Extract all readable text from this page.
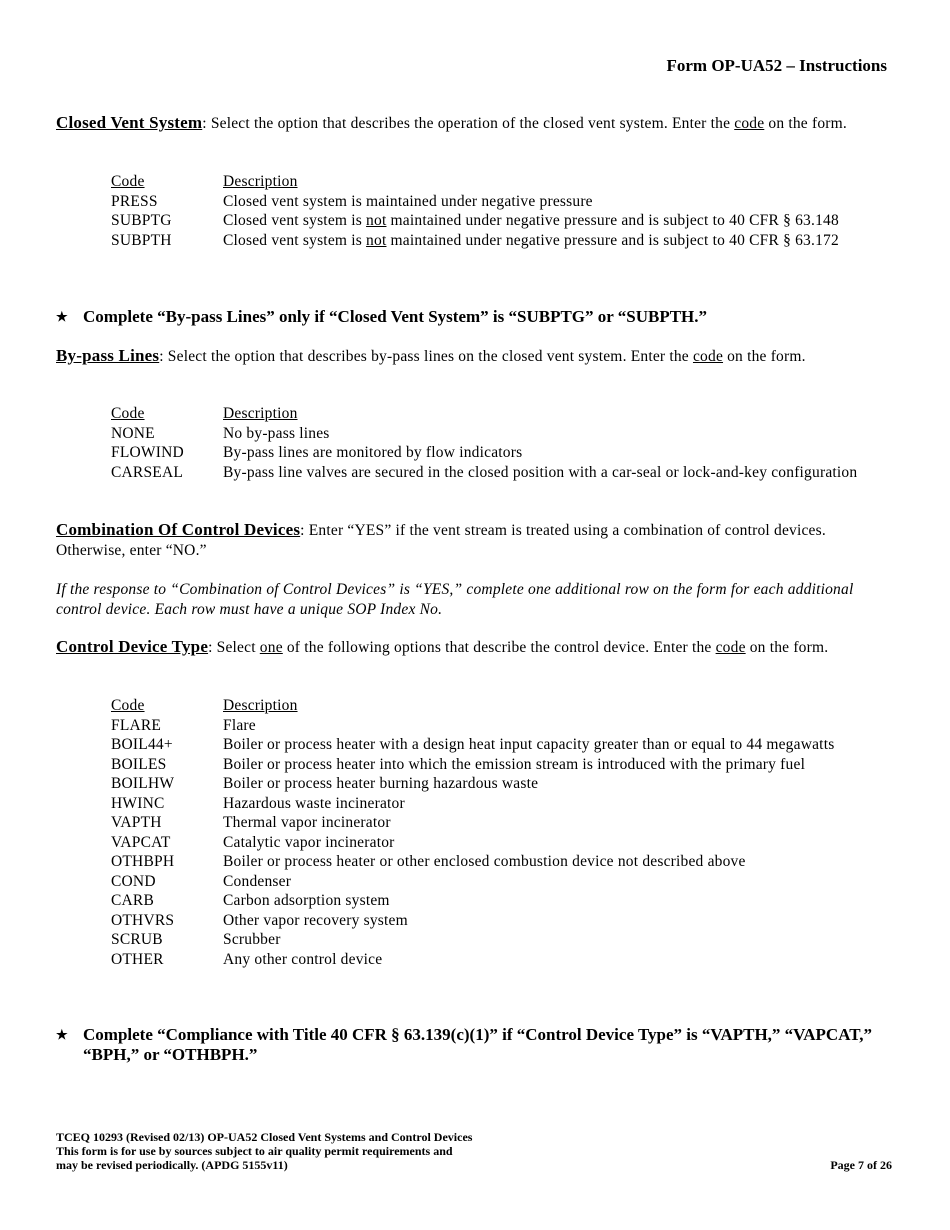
Form OP-UA52 – Instructions
Closed Vent System: Select the option that describes the operation of the closed vent system. Enter the code on the form.
Code	Description
PRESS	Closed vent system is maintained under negative pressure
SUBPTG	Closed vent system is not maintained under negative pressure and is subject to 40 CFR § 63.148
SUBPTH	Closed vent system is not maintained under negative pressure and is subject to 40 CFR § 63.172
★ Complete “By-pass Lines” only if “Closed Vent System” is “SUBPTG” or “SUBPTH.”
By-pass Lines: Select the option that describes by-pass lines on the closed vent system. Enter the code on the form.
Code	Description
NONE	No by-pass lines
FLOWIND	By-pass lines are monitored by flow indicators
CARSEAL	By-pass line valves are secured in the closed position with a car-seal or lock-and-key configuration
Combination Of Control Devices: Enter “YES” if the vent stream is treated using a combination of control devices. Otherwise, enter “NO.”
If the response to “Combination of Control Devices” is “YES,” complete one additional row on the form for each additional control device. Each row must have a unique SOP Index No.
Control Device Type: Select one of the following options that describe the control device. Enter the code on the form.
Code	Description
FLARE	Flare
BOIL44+	Boiler or process heater with a design heat input capacity greater than or equal to 44 megawatts
BOILES	Boiler or process heater into which the emission stream is introduced with the primary fuel
BOILHW	Boiler or process heater burning hazardous waste
HWINC	Hazardous waste incinerator
VAPTH	Thermal vapor incinerator
VAPCAT	Catalytic vapor incinerator
OTHBPH	Boiler or process heater or other enclosed combustion device not described above
COND	Condenser
CARB	Carbon adsorption system
OTHVRS	Other vapor recovery system
SCRUB	Scrubber
OTHER	Any other control device
★ Complete “Compliance with Title 40 CFR § 63.139(c)(1)” if “Control Device Type” is “VAPTH,” “VAPCAT,” “BPH,” or “OTHBPH.”
TCEQ 10293 (Revised 02/13) OP-UA52 Closed Vent Systems and Control Devices
This form is for use by sources subject to air quality permit requirements and
may be revised periodically. (APDG 5155v11)	Page 7 of 26
